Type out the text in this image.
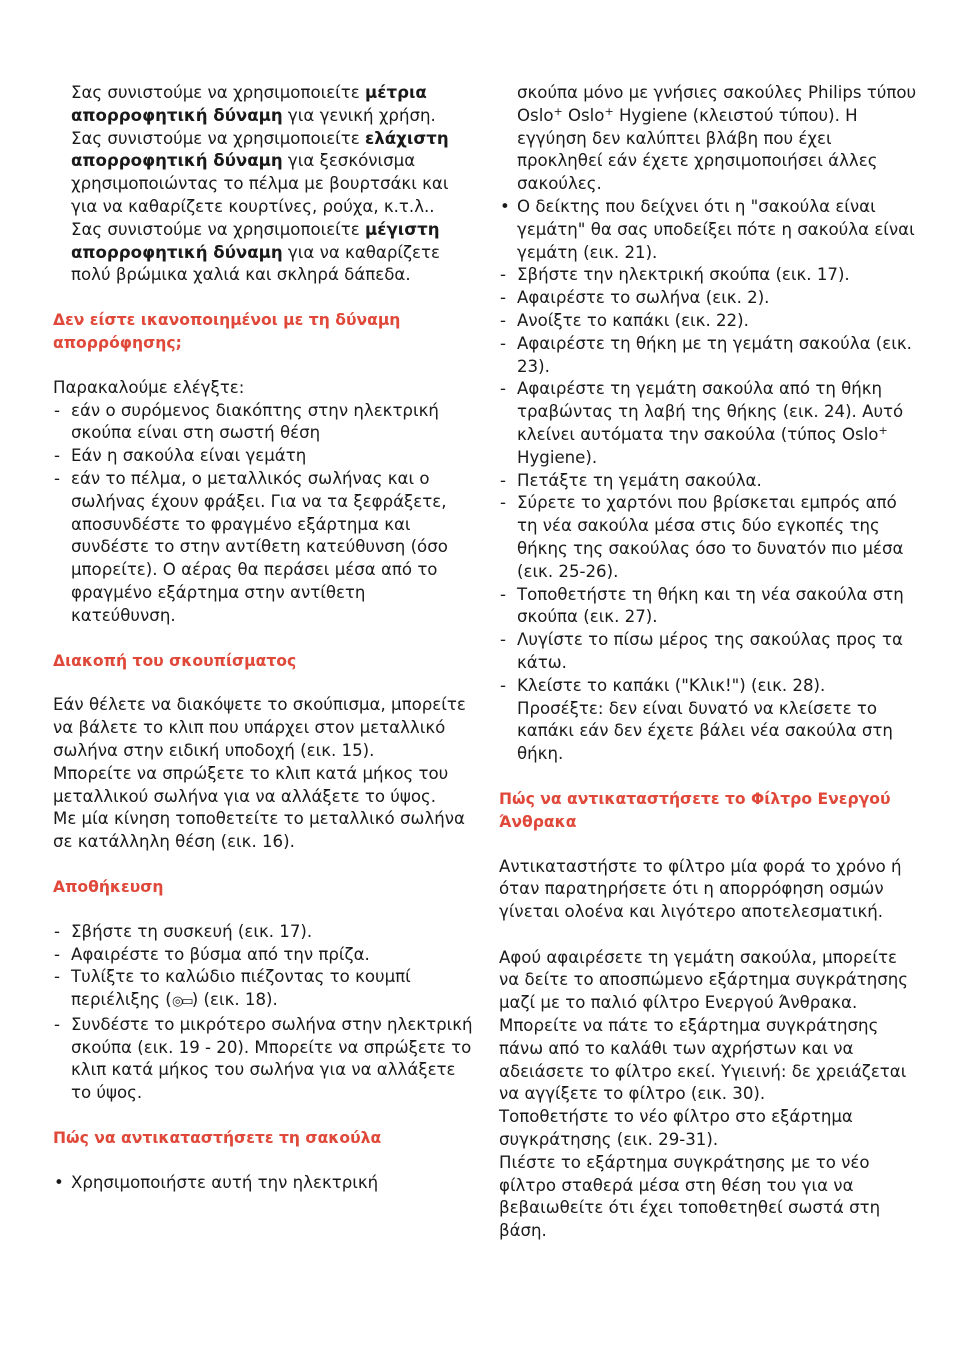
Σας συνιστούμε να χρησιμοποιείτε μέτρια απορροφητική δύναμη για γενική χρήση.

Σας συνιστούμε να χρησιμοποιείτε ελάχιστη απορροφητική δύναμη για ξεσκόνισμα χρησιμοποιώντας το πέλμα με βουρτσάκι και για να καθαρίζετε κουρτίνες, ρούχα, κ.τ.λ..

Σας συνιστούμε να χρησιμοποιείτε μέγιστη απορροφητική δύναμη για να καθαρίζετε πολύ βρώμικα χαλιά και σκληρά δάπεδα.

Δεν είστε ικανοποιημένοι με τη δύναμη απορρόφησης;

Παρακαλούμε ελέγξτε:

- εάν ο συρόμενος διακόπτης στην ηλεκτρική σκούπα είναι στη σωστή θέση
- Εάν η σακούλα είναι γεμάτη
- εάν το πέλμα, ο μεταλλικός σωλήνας και ο σωλήνας έχουν φράξει. Για να τα ξεφράξετε, αποσυνδέστε το φραγμένο εξάρτημα και συνδέστε το στην αντίθετη κατεύθυνση (όσο μπορείτε). Ο αέρας θα περάσει μέσα από το φραγμένο εξάρτημα στην αντίθετη κατεύθυνση.
Διακοπή του σκουπίσματος

Εάν θέλετε να διακόψετε το σκούπισμα, μπορείτε να βάλετε το κλιπ που υπάρχει στον μεταλλικό σωλήνα στην ειδική υποδοχή (εικ. 15).

Μπορείτε να σπρώξετε το κλιπ κατά μήκος του μεταλλικού σωλήνα για να αλλάξετε το ύψος.

Με μία κίνηση τοποθετείτε το μεταλλικό σωλήνα σε κατάλληλη θέση (εικ. 16).

Αποθήκευση
- Σβήστε τη συσκευή (εικ. 17).
- Αφαιρέστε το βύσμα από την πρίζα.
- Τυλίξτε το καλώδιο πιέζοντας το κουμπί περιέλιξης (◎▭) (εικ. 18).
- Συνδέστε το μικρότερο σωλήνα στην ηλεκτρική σκούπα (εικ. 19 - 20). Μπορείτε να σπρώξετε το κλιπ κατά μήκος του σωλήνα για να αλλάξετε το ύψος.
Πώς να αντικαταστήσετε τη σακούλα
• Χρησιμοποιήστε αυτή την ηλεκτρική
σκούπα μόνο με γνήσιες σακούλες Philips τύπου Oslo+ Oslo+ Hygiene (κλειστού τύπου). Η εγγύηση δεν καλύπτει βλάβη που έχει προκληθεί εάν έχετε χρησιμοποιήσει άλλες σακούλες.
• Ο δείκτης που δείχνει ότι η "σακούλα είναι γεμάτη" θα σας υποδείξει πότε η σακούλα είναι γεμάτη (εικ. 21).
- Σβήστε την ηλεκτρική σκούπα (εικ. 17).
- Αφαιρέστε το σωλήνα (εικ. 2).
- Ανοίξτε το καπάκι (εικ. 22).
- Αφαιρέστε τη θήκη με τη γεμάτη σακούλα (εικ. 23).
- Αφαιρέστε τη γεμάτη σακούλα από τη θήκη τραβώντας τη λαβή της θήκης (εικ. 24). Αυτό κλείνει αυτόματα την σακούλα (τύπος Oslo+ Hygiene).
- Πετάξτε τη γεμάτη σακούλα.
- Σύρετε το χαρτόνι που βρίσκεται εμπρός από τη νέα σακούλα μέσα στις δύο εγκοπές της θήκης της σακούλας όσο το δυνατόν πιο μέσα (εικ. 25-26).
- Τοποθετήστε τη θήκη και τη νέα σακούλα στη σκούπα (εικ. 27).
- Λυγίστε το πίσω μέρος της σακούλας προς τα κάτω.
- Κλείστε το καπάκι ("Κλικ!") (εικ. 28).
Προσέξτε: δεν είναι δυνατό να κλείσετε το καπάκι εάν δεν έχετε βάλει νέα σακούλα στη θήκη.
Πώς να αντικαταστήσετε το Φίλτρο Ενεργού Άνθρακα

Αντικαταστήστε το φίλτρο μία φορά το χρόνο ή όταν παρατηρήσετε ότι η απορρόφηση οσμών γίνεται ολοένα και λιγότερο αποτελεσματική.

Αφού αφαιρέσετε τη γεμάτη σακούλα, μπορείτε να δείτε το αποσπώμενο εξάρτημα συγκράτησης μαζί με το παλιό φίλτρο Ενεργού Άνθρακα. Μπορείτε να πάτε το εξάρτημα συγκράτησης πάνω από το καλάθι των αχρήστων και να αδειάσετε το φίλτρο εκεί. Υγιεινή: δε χρειάζεται να αγγίξετε το φίλτρο (εικ. 30).

Τοποθετήστε το νέο φίλτρο στο εξάρτημα συγκράτησης (εικ. 29-31).

Πιέστε το εξάρτημα συγκράτησης με το νέο φίλτρο σταθερά μέσα στη θέση του για να βεβαιωθείτε ότι έχει τοποθετηθεί σωστά στη βάση.
